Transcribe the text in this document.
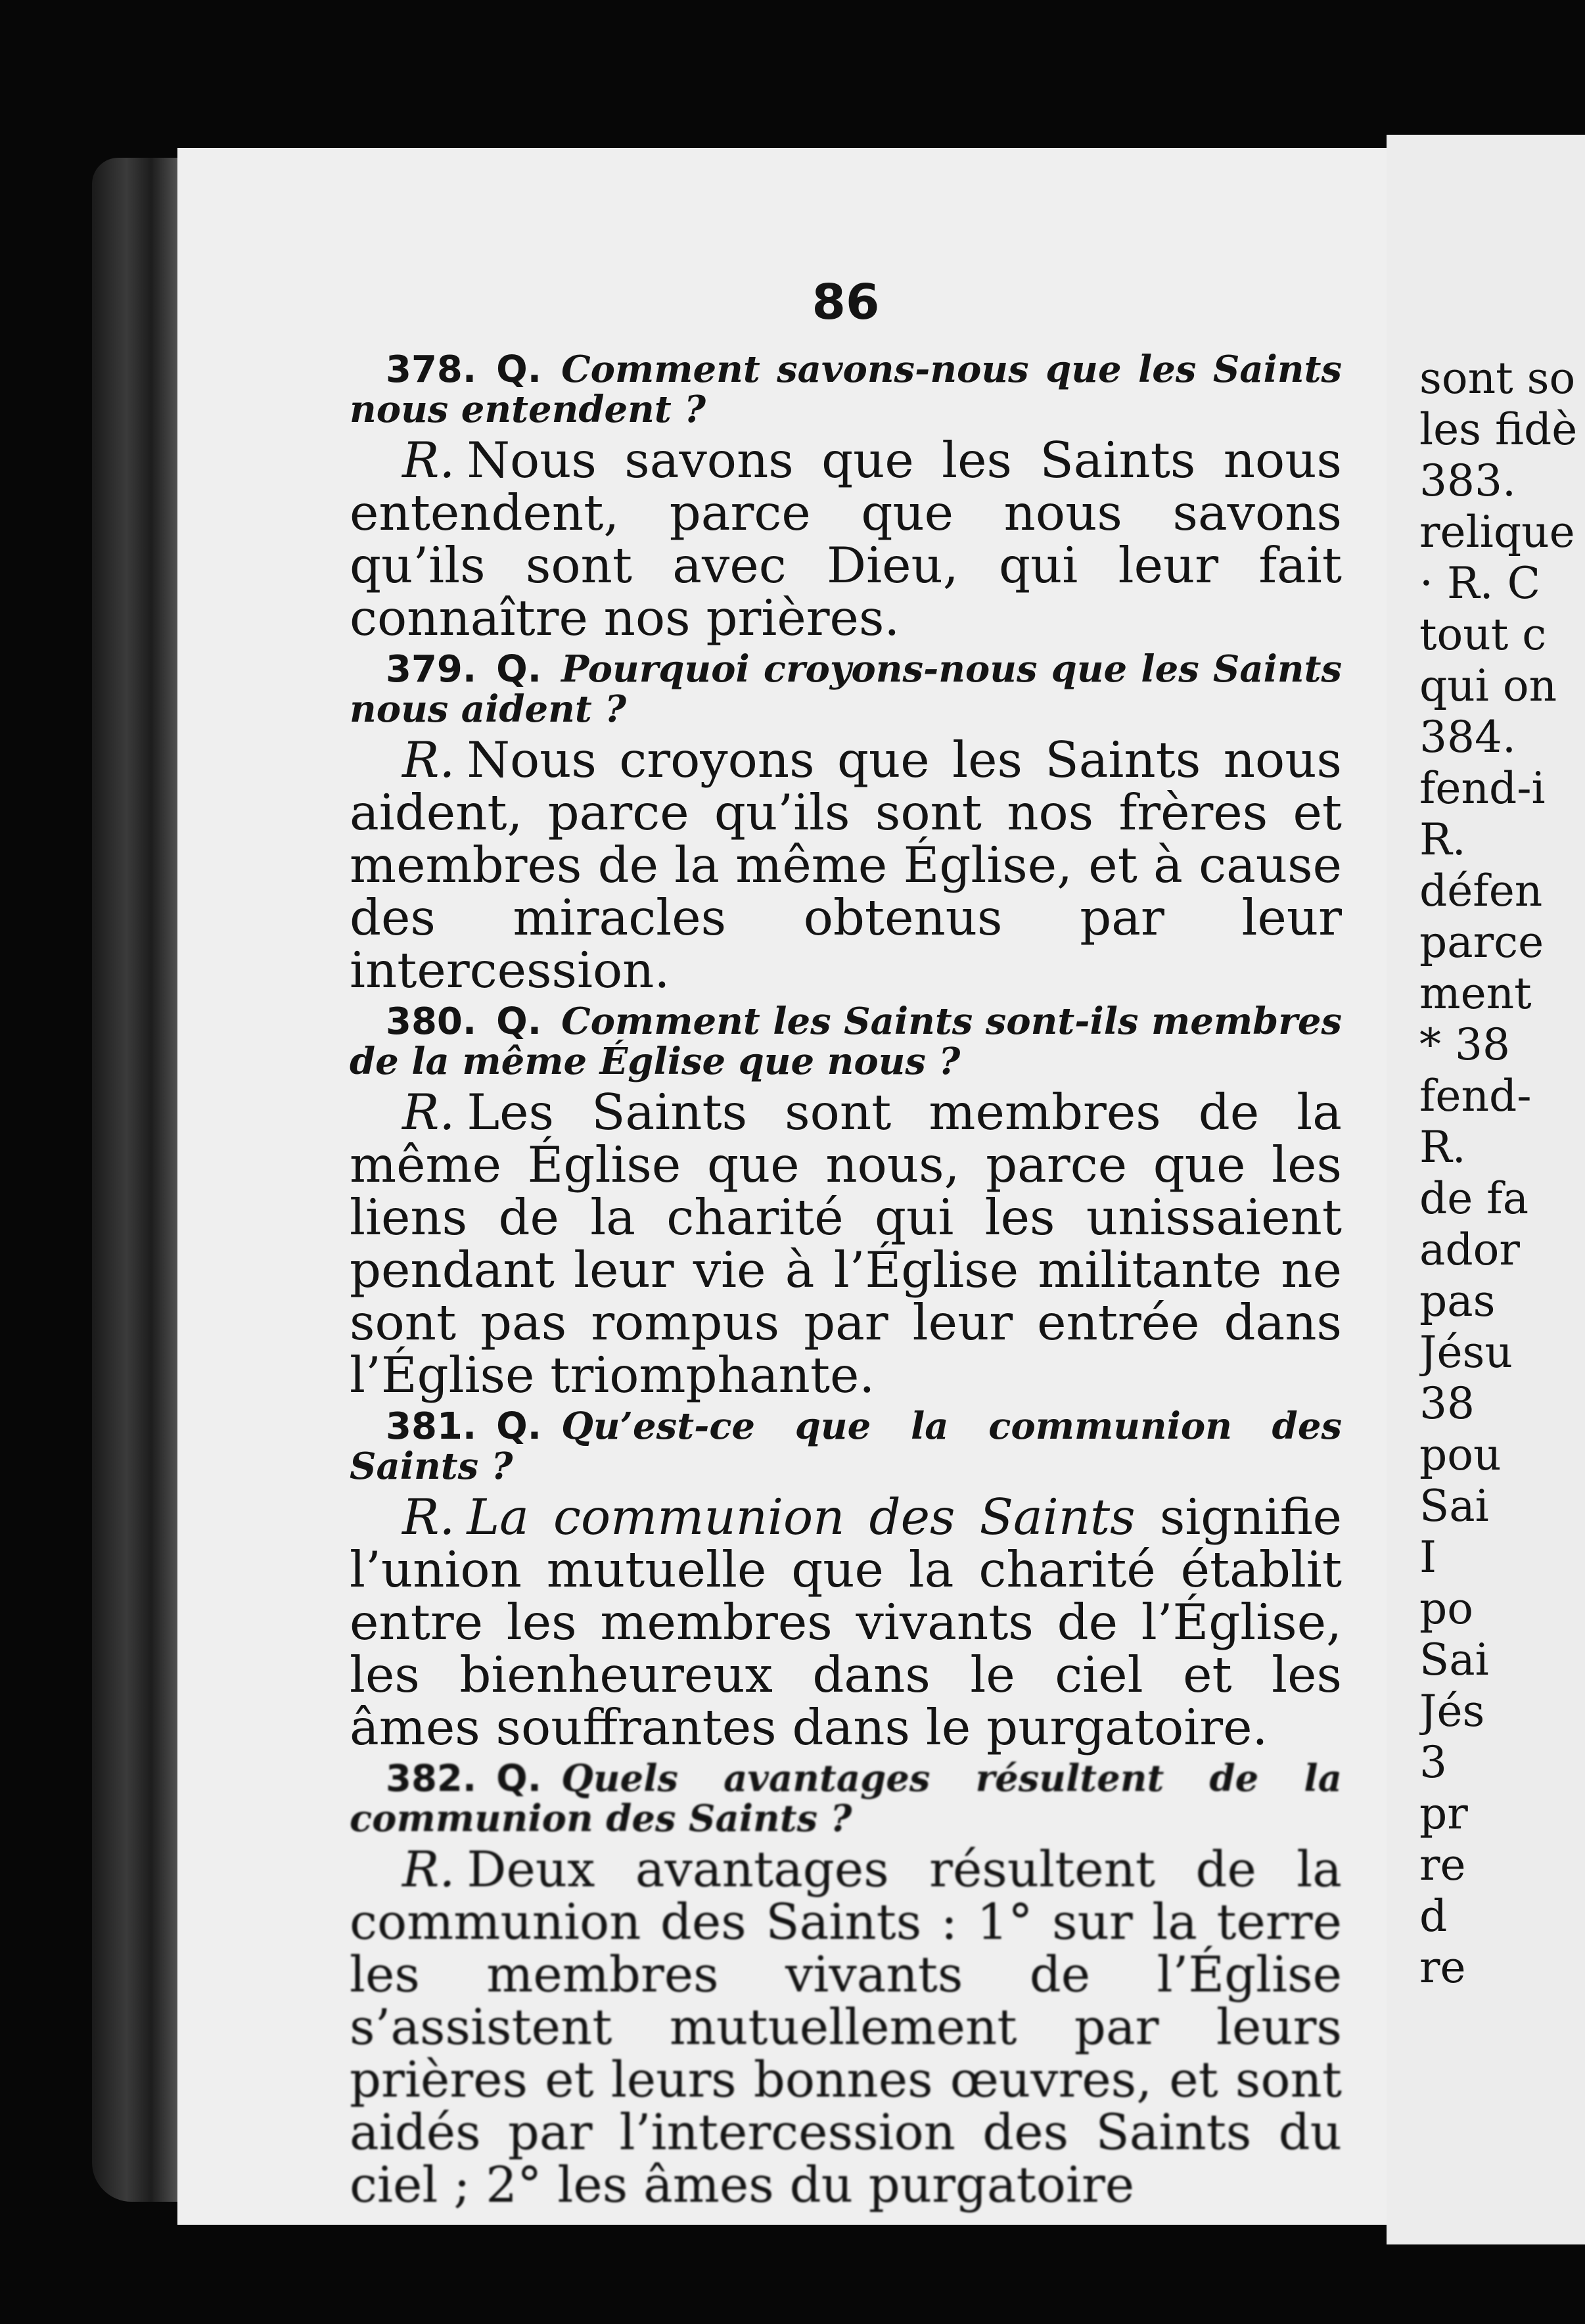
86
378. Q. Comment savons-nous que les Saints nous entendent ?
R. Nous savons que les Saints nous entendent, parce que nous savons qu’ils sont avec Dieu, qui leur fait connaître nos prières.
379. Q. Pourquoi croyons-nous que les Saints nous aident ?
R. Nous croyons que les Saints nous aident, parce qu’ils sont nos frères et membres de la même Église, et à cause des miracles obtenus par leur intercession.
380. Q. Comment les Saints sont-ils membres de la même Église que nous ?
R. Les Saints sont membres de la même Église que nous, parce que les liens de la charité qui les unissaient pendant leur vie à l’Église militante ne sont pas rompus par leur entrée dans l’Église triomphante.
381. Q. Qu’est-ce que la communion des Saints ?
R. La communion des Saints signifie l’union mutuelle que la charité établit entre les membres vivants de l’Église, les bienheureux dans le ciel et les âmes souffrantes dans le purgatoire.
382. Q. Quels avantages résultent de la communion des Saints ?
R. Deux avantages résultent de la communion des Saints : 1° sur la terre les membres vivants de l’Église s’assistent mutuellement par leurs prières et leurs bonnes œuvres, et sont aidés par l’intercession des Saints du ciel ; 2° les âmes du purgatoire
sont so
les fidè
383.
relique
· R. C
tout c
qui on
384.
fend-i
R.
défen
parce
ment
* 38
fend-
R.
de fa
ador
pas
Jésu
38
pou
Sai
I
po
Sai
Jés
3
pr
re
d
re
